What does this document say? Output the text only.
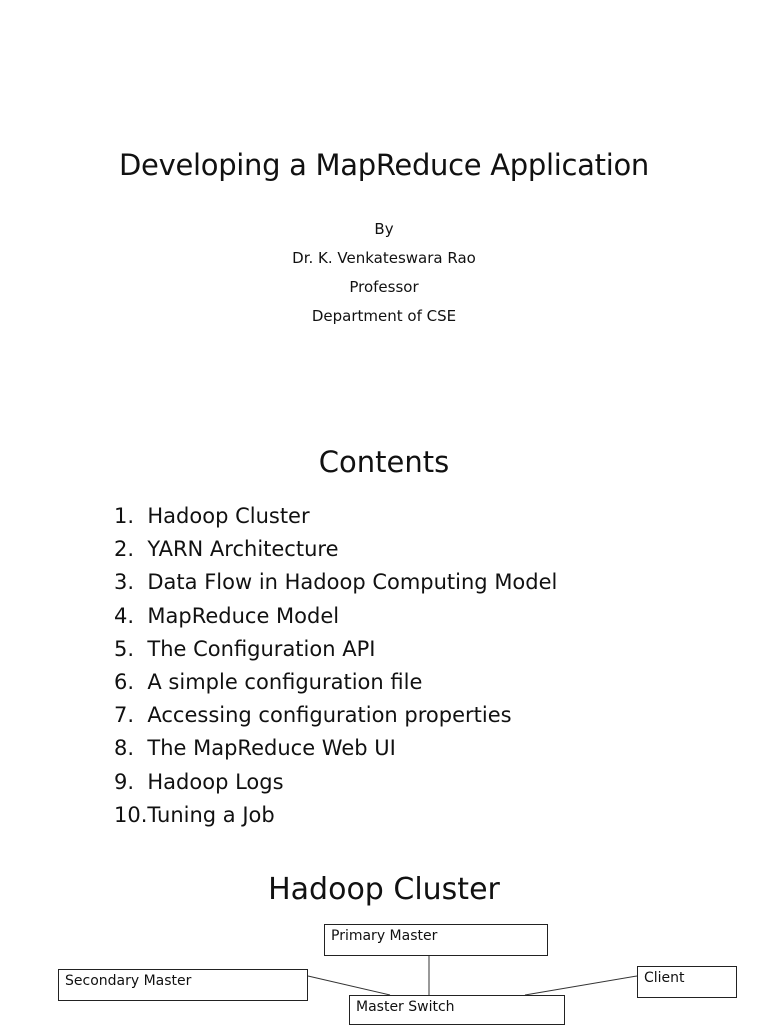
Developing a MapReduce Application
By
Dr. K. Venkateswara Rao
Professor
Department of CSE
Contents
1.  Hadoop Cluster
2.  YARN Architecture
3.  Data Flow in Hadoop Computing Model
4.  MapReduce Model
5.  The Configuration API
6.  A simple configuration file
7.  Accessing configuration properties
8.  The MapReduce Web UI
9.  Hadoop Logs
10.Tuning a Job
Hadoop Cluster
Primary Master
Secondary Master	Client
Master Switch
